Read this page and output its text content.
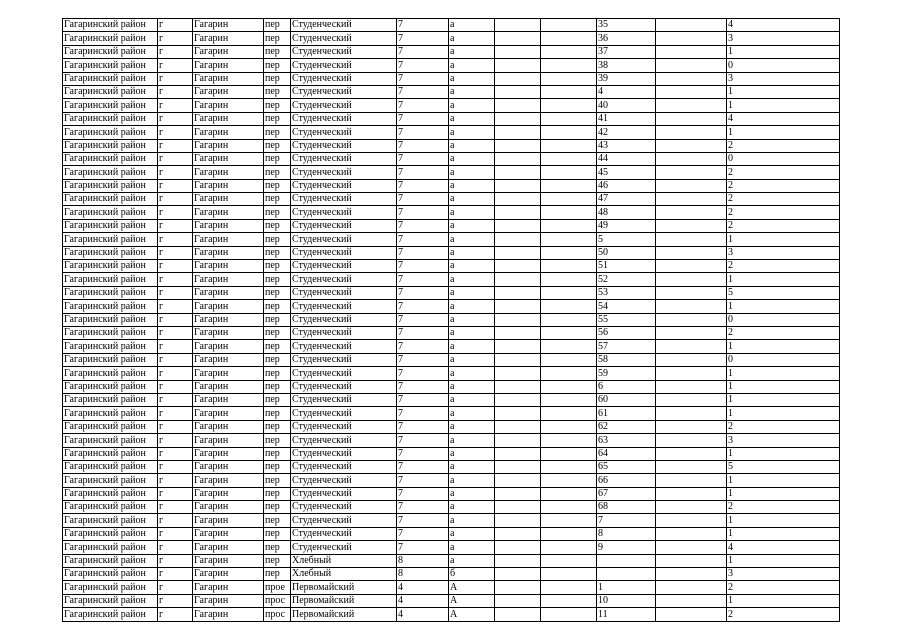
Гагаринский район	г	Гагарин	пер	Студенческий	7	а			35		4
Гагаринский район	г	Гагарин	пер	Студенческий	7	а			36		3
Гагаринский район	г	Гагарин	пер	Студенческий	7	а			37		1
Гагаринский район	г	Гагарин	пер	Студенческий	7	а			38		0
Гагаринский район	г	Гагарин	пер	Студенческий	7	а			39		3
Гагаринский район	г	Гагарин	пер	Студенческий	7	а			4		1
Гагаринский район	г	Гагарин	пер	Студенческий	7	а			40		1
Гагаринский район	г	Гагарин	пер	Студенческий	7	а			41		4
Гагаринский район	г	Гагарин	пер	Студенческий	7	а			42		1
Гагаринский район	г	Гагарин	пер	Студенческий	7	а			43		2
Гагаринский район	г	Гагарин	пер	Студенческий	7	а			44		0
Гагаринский район	г	Гагарин	пер	Студенческий	7	а			45		2
Гагаринский район	г	Гагарин	пер	Студенческий	7	а			46		2
Гагаринский район	г	Гагарин	пер	Студенческий	7	а			47		2
Гагаринский район	г	Гагарин	пер	Студенческий	7	а			48		2
Гагаринский район	г	Гагарин	пер	Студенческий	7	а			49		2
Гагаринский район	г	Гагарин	пер	Студенческий	7	а			5		1
Гагаринский район	г	Гагарин	пер	Студенческий	7	а			50		3
Гагаринский район	г	Гагарин	пер	Студенческий	7	а			51		2
Гагаринский район	г	Гагарин	пер	Студенческий	7	а			52		1
Гагаринский район	г	Гагарин	пер	Студенческий	7	а			53		5
Гагаринский район	г	Гагарин	пер	Студенческий	7	а			54		1
Гагаринский район	г	Гагарин	пер	Студенческий	7	а			55		0
Гагаринский район	г	Гагарин	пер	Студенческий	7	а			56		2
Гагаринский район	г	Гагарин	пер	Студенческий	7	а			57		1
Гагаринский район	г	Гагарин	пер	Студенческий	7	а			58		0
Гагаринский район	г	Гагарин	пер	Студенческий	7	а			59		1
Гагаринский район	г	Гагарин	пер	Студенческий	7	а			6		1
Гагаринский район	г	Гагарин	пер	Студенческий	7	а			60		1
Гагаринский район	г	Гагарин	пер	Студенческий	7	а			61		1
Гагаринский район	г	Гагарин	пер	Студенческий	7	а			62		2
Гагаринский район	г	Гагарин	пер	Студенческий	7	а			63		3
Гагаринский район	г	Гагарин	пер	Студенческий	7	а			64		1
Гагаринский район	г	Гагарин	пер	Студенческий	7	а			65		5
Гагаринский район	г	Гагарин	пер	Студенческий	7	а			66		1
Гагаринский район	г	Гагарин	пер	Студенческий	7	а			67		1
Гагаринский район	г	Гагарин	пер	Студенческий	7	а			68		2
Гагаринский район	г	Гагарин	пер	Студенческий	7	а			7		1
Гагаринский район	г	Гагарин	пер	Студенческий	7	а			8		1
Гагаринский район	г	Гагарин	пер	Студенческий	7	а			9		4
Гагаринский район	г	Гагарин	пер	Хлебный	8	а					1
Гагаринский район	г	Гагарин	пер	Хлебный	8	б					3
Гагаринский район	г	Гагарин	прое	Первомайский	4	А			1		2
Гагаринский район	г	Гагарин	прос	Первомайский	4	А			10		1
Гагаринский район	г	Гагарин	прос	Первомайский	4	А			11		2
